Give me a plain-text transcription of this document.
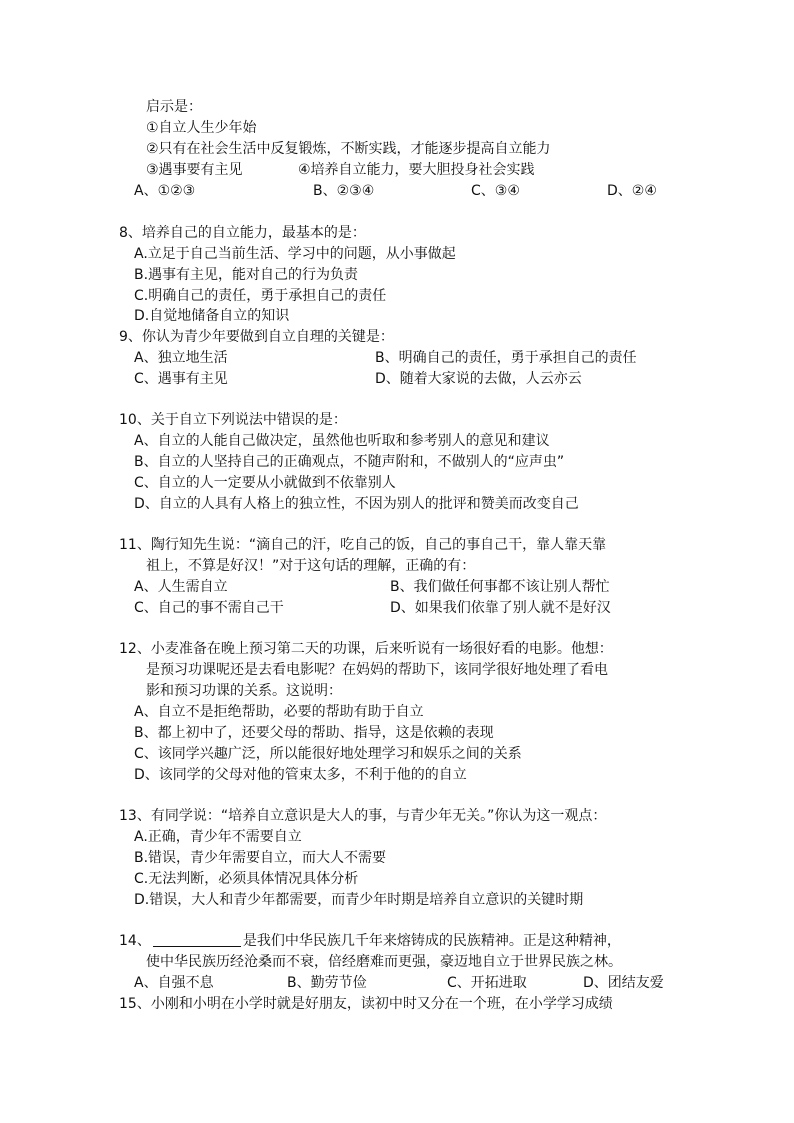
启示是：
①自立人生少年始
②只有在社会生活中反复锻炼，不断实践，才能逐步提高自立能力
③遇事要有主见	④培养自立能力，要大胆投身社会实践
A、①②③	B、②③④	C、③④	D、②④
8、培养自己的自立能力，最基本的是：
A.立足于自己当前生活、学习中的问题，从小事做起
B.遇事有主见，能对自己的行为负责
C.明确自己的责任，勇于承担自己的责任
D.自觉地储备自立的知识
9、你认为青少年要做到自立自理的关键是：
A、独立地生活	B、明确自己的责任，勇于承担自己的责任
C、遇事有主见	D、随着大家说的去做，人云亦云
10、关于自立下列说法中错误的是：
A、自立的人能自己做决定，虽然他也听取和参考别人的意见和建议
B、自立的人坚持自己的正确观点，不随声附和，不做别人的“应声虫”
C、自立的人一定要从小就做到不依靠别人
D、自立的人具有人格上的独立性，不因为别人的批评和赞美而改变自己
11、陶行知先生说：“滴自己的汗，吃自己的饭，自己的事自己干，靠人靠天靠
祖上，不算是好汉！”对于这句话的理解，正确的有：
A、人生需自立	B、我们做任何事都不该让别人帮忙
C、自己的事不需自己干	D、如果我们依靠了别人就不是好汉
12、小麦准备在晚上预习第二天的功课，后来听说有一场很好看的电影。他想：
是预习功课呢还是去看电影呢？在妈妈的帮助下，该同学很好地处理了看电
影和预习功课的关系。这说明：
A、自立不是拒绝帮助，必要的帮助有助于自立
B、都上初中了，还要父母的帮助、指导，这是依赖的表现
C、该同学兴趣广泛，所以能很好地处理学习和娱乐之间的关系
D、该同学的父母对他的管束太多，不利于他的的自立
13、有同学说：“培养自立意识是大人的事，与青少年无关。”你认为这一观点：
A.正确，青少年不需要自立
B.错误，青少年需要自立，而大人不需要
C.无法判断，必须具体情况具体分析
D.错误，大人和青少年都需要，而青少年时期是培养自立意识的关键时期
14、	是我们中华民族几千年来熔铸成的民族精神。正是这种精神，
使中华民族历经沧桑而不衰，倍经磨难而更强，豪迈地自立于世界民族之林。
A、自强不息	B、勤劳节俭	C、开拓进取	D、团结友爱
15、小刚和小明在小学时就是好朋友，读初中时又分在一个班，在小学学习成绩
